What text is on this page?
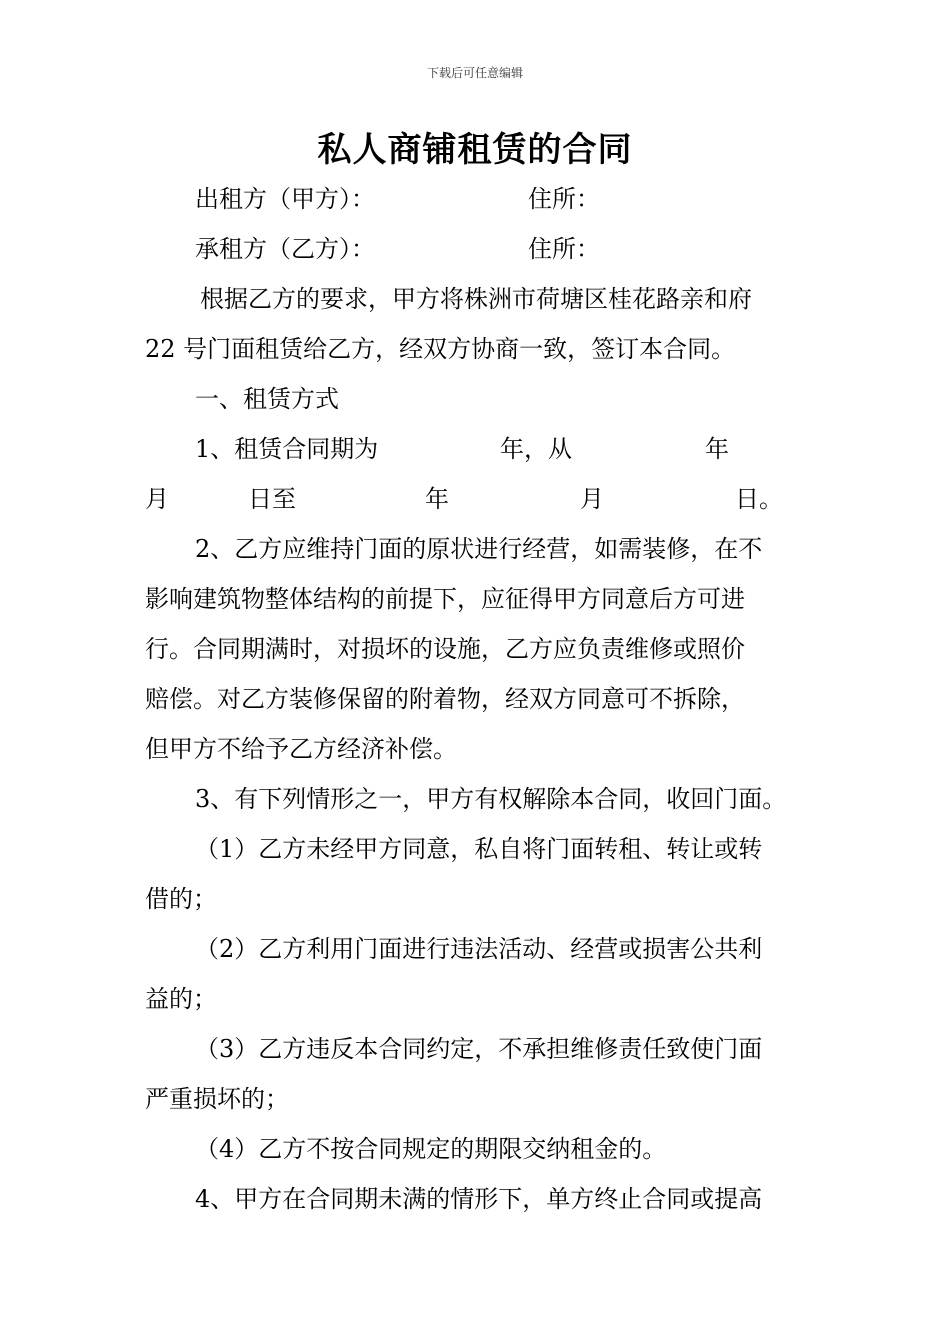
下载后可任意编辑
私人商铺租赁的合同
出租方（甲方）：	住所：
承租方（乙方）：	住所：
根据乙方的要求，甲方将株洲市荷塘区桂花路亲和府
22 号门面租赁给乙方，经双方协商一致，签订本合同。
一、租赁方式
1、租赁合同期为	年，从	年
月	日至	年	月	日。
2、乙方应维持门面的原状进行经营，如需装修，在不
影响建筑物整体结构的前提下，应征得甲方同意后方可进
行。合同期满时，对损坏的设施，乙方应负责维修或照价
赔偿。对乙方装修保留的附着物，经双方同意可不拆除，
但甲方不给予乙方经济补偿。
3、有下列情形之一，甲方有权解除本合同，收回门面。
（1）乙方未经甲方同意，私自将门面转租、转让或转
借的；
（2）乙方利用门面进行违法活动、经营或损害公共利
益的；
（3）乙方违反本合同约定，不承担维修责任致使门面
严重损坏的；
（4）乙方不按合同规定的期限交纳租金的。
4、甲方在合同期未满的情形下，单方终止合同或提高
